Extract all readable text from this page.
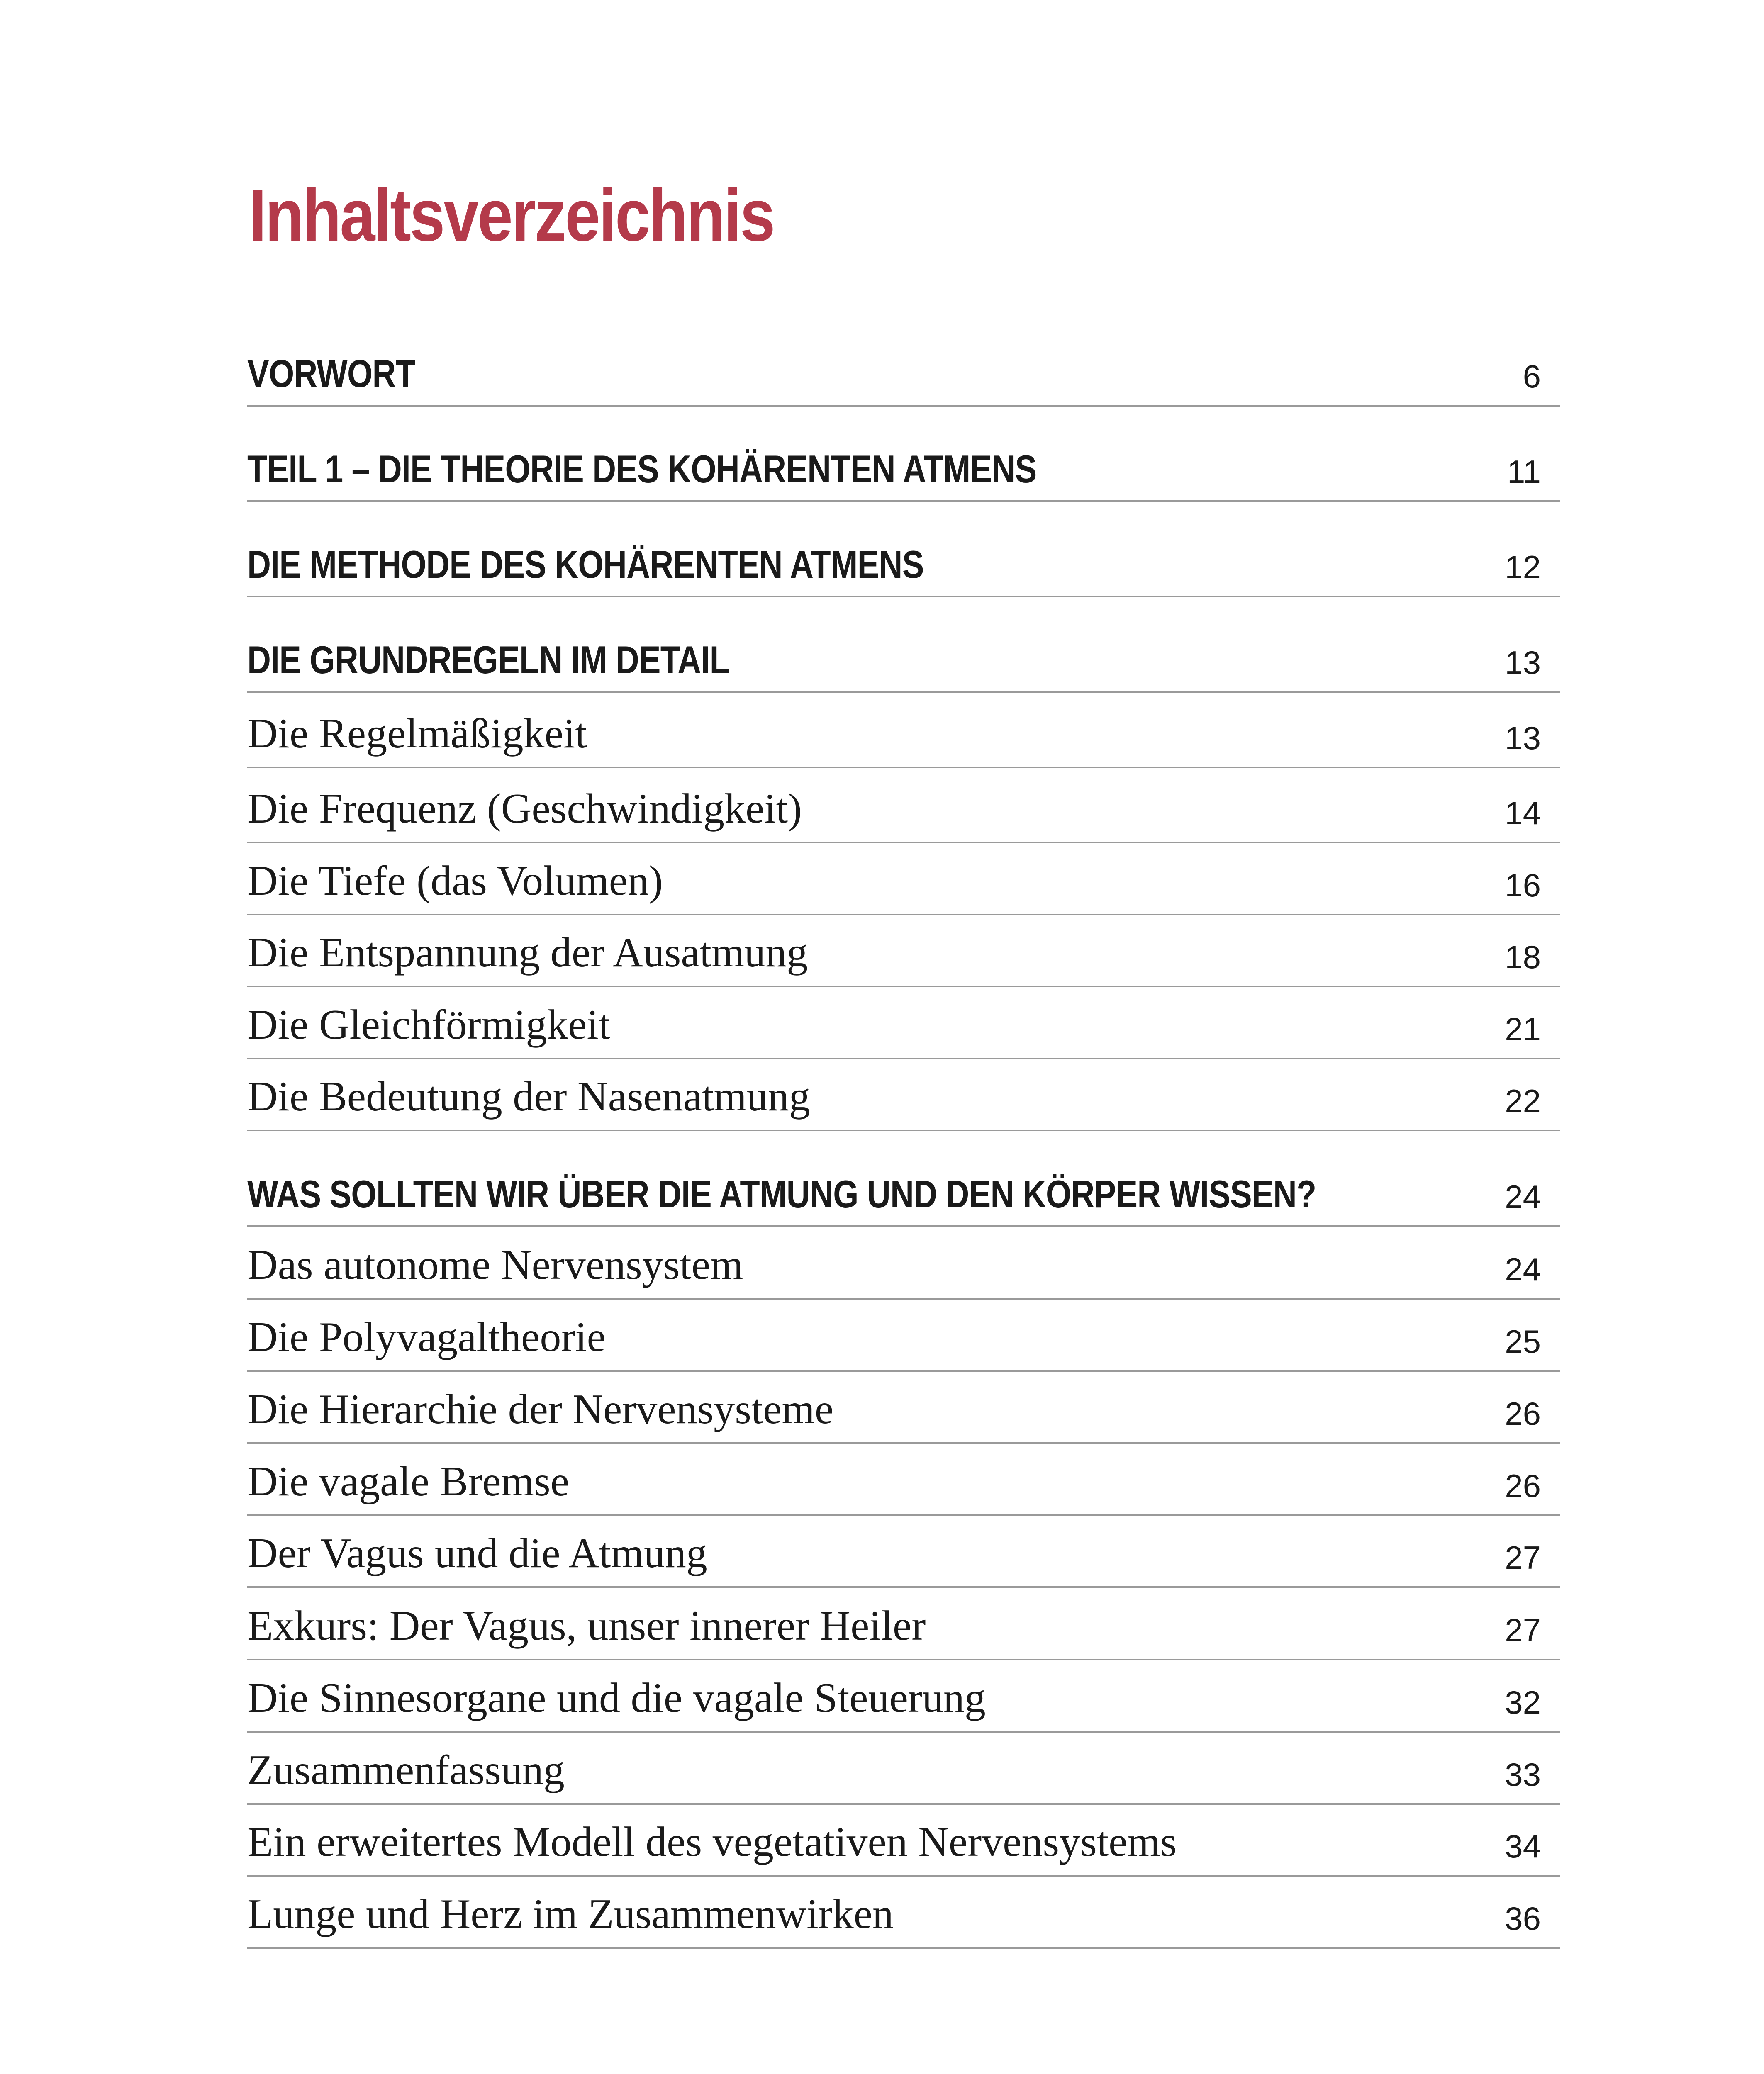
Inhaltsverzeichnis
VORWORT	6
TEIL 1 – DIE THEORIE DES KOHÄRENTEN ATMENS	11
DIE METHODE DES KOHÄRENTEN ATMENS	12
DIE GRUNDREGELN IM DETAIL	13
Die Regelmäßigkeit	13
Die Frequenz (Geschwindigkeit)	14
Die Tiefe (das Volumen)	16
Die Entspannung der Ausatmung	18
Die Gleichförmigkeit	21
Die Bedeutung der Nasenatmung	22
WAS SOLLTEN WIR ÜBER DIE ATMUNG UND DEN KÖRPER WISSEN?	24
Das autonome Nervensystem	24
Die Polyvagaltheorie	25
Die Hierarchie der Nervensysteme	26
Die vagale Bremse	26
Der Vagus und die Atmung	27
Exkurs: Der Vagus, unser innerer Heiler	27
Die Sinnesorgane und die vagale Steuerung	32
Zusammenfassung	33
Ein erweitertes Modell des vegetativen Nervensystems	34
Lunge und Herz im Zusammenwirken	36
